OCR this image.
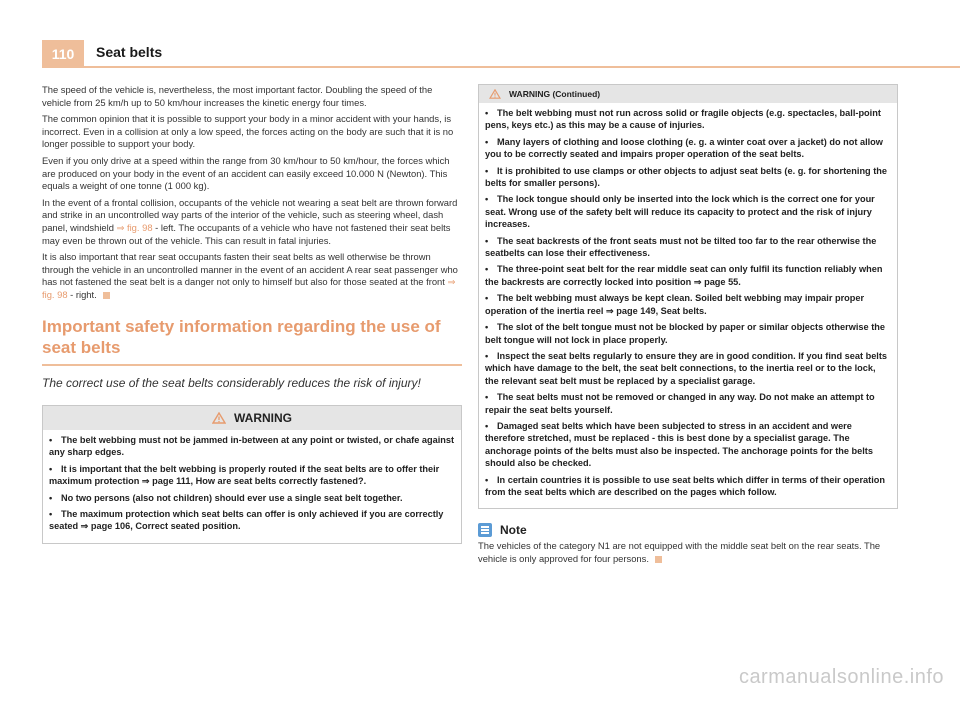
110	Seat belts

The speed of the vehicle is, nevertheless, the most important factor. Doubling the speed of the vehicle from 25 km/h up to 50 km/hour increases the kinetic energy four times.

The common opinion that it is possible to support your body in a minor accident with your hands, is incorrect. Even in a collision at only a low speed, the forces acting on the body are such that it is no longer possible to support your body.

Even if you only drive at a speed within the range from 30 km/hour to 50 km/hour, the forces which are produced on your body in the event of an accident can easily exceed 10.000 N (Newton). This equals a weight of one tonne (1 000 kg).

In the event of a frontal collision, occupants of the vehicle not wearing a seat belt are thrown forward and strike in an uncontrolled way parts of the interior of the vehicle, such as steering wheel, dash panel, windshield ⇒ fig. 98 - left. The occupants of a vehicle who have not fastened their seat belts may even be thrown out of the vehicle. This can result in fatal injuries.

It is also important that rear seat occupants fasten their seat belts as well otherwise be thrown through the vehicle in an uncontrolled manner in the event of an accident A rear seat passenger who has not fastened the seat belt is a danger not only to himself but also for those seated at the front ⇒ fig. 98 - right.

Important safety information regarding the use of seat belts

The correct use of the seat belts considerably reduces the risk of injury!

WARNING

• The belt webbing must not be jammed in-between at any point or twisted, or chafe against any sharp edges.

• It is important that the belt webbing is properly routed if the seat belts are to offer their maximum protection ⇒ page 111, How are seat belts correctly fastened?.

• No two persons (also not children) should ever use a single seat belt together.

• The maximum protection which seat belts can offer is only achieved if you are correctly seated ⇒ page 106, Correct seated position.

WARNING (Continued)

• The belt webbing must not run across solid or fragile objects (e.g. spectacles, ball-point pens, keys etc.) as this may be a cause of injuries.

• Many layers of clothing and loose clothing (e. g. a winter coat over a jacket) do not allow you to be correctly seated and impairs proper operation of the seat belts.

• It is prohibited to use clamps or other objects to adjust seat belts (e. g. for shortening the belts for smaller persons).

• The lock tongue should only be inserted into the lock which is the correct one for your seat. Wrong use of the safety belt will reduce its capacity to protect and the risk of injury increases.

• The seat backrests of the front seats must not be tilted too far to the rear otherwise the seatbelts can lose their effectiveness.

• The three-point seat belt for the rear middle seat can only fulfil its function reliably when the backrests are correctly locked into position ⇒ page 55.

• The belt webbing must always be kept clean. Soiled belt webbing may impair proper operation of the inertia reel ⇒ page 149, Seat belts.

• The slot of the belt tongue must not be blocked by paper or similar objects otherwise the belt tongue will not lock in place properly.

• Inspect the seat belts regularly to ensure they are in good condition. If you find seat belts which have damage to the belt, the seat belt connections, to the inertia reel or to the lock, the relevant seat belt must be replaced by a specialist garage.

• The seat belts must not be removed or changed in any way. Do not make an attempt to repair the seat belts yourself.

• Damaged seat belts which have been subjected to stress in an accident and were therefore stretched, must be replaced - this is best done by a specialist garage. The anchorage points of the belts must also be inspected. The anchorage points for the belts should also be checked.

• In certain countries it is possible to use seat belts which differ in terms of their operation from the seat belts which are described on the pages which follow.

Note

The vehicles of the category N1 are not equipped with the middle seat belt on the rear seats. The vehicle is only approved for four persons.

carmanualsonline.info
